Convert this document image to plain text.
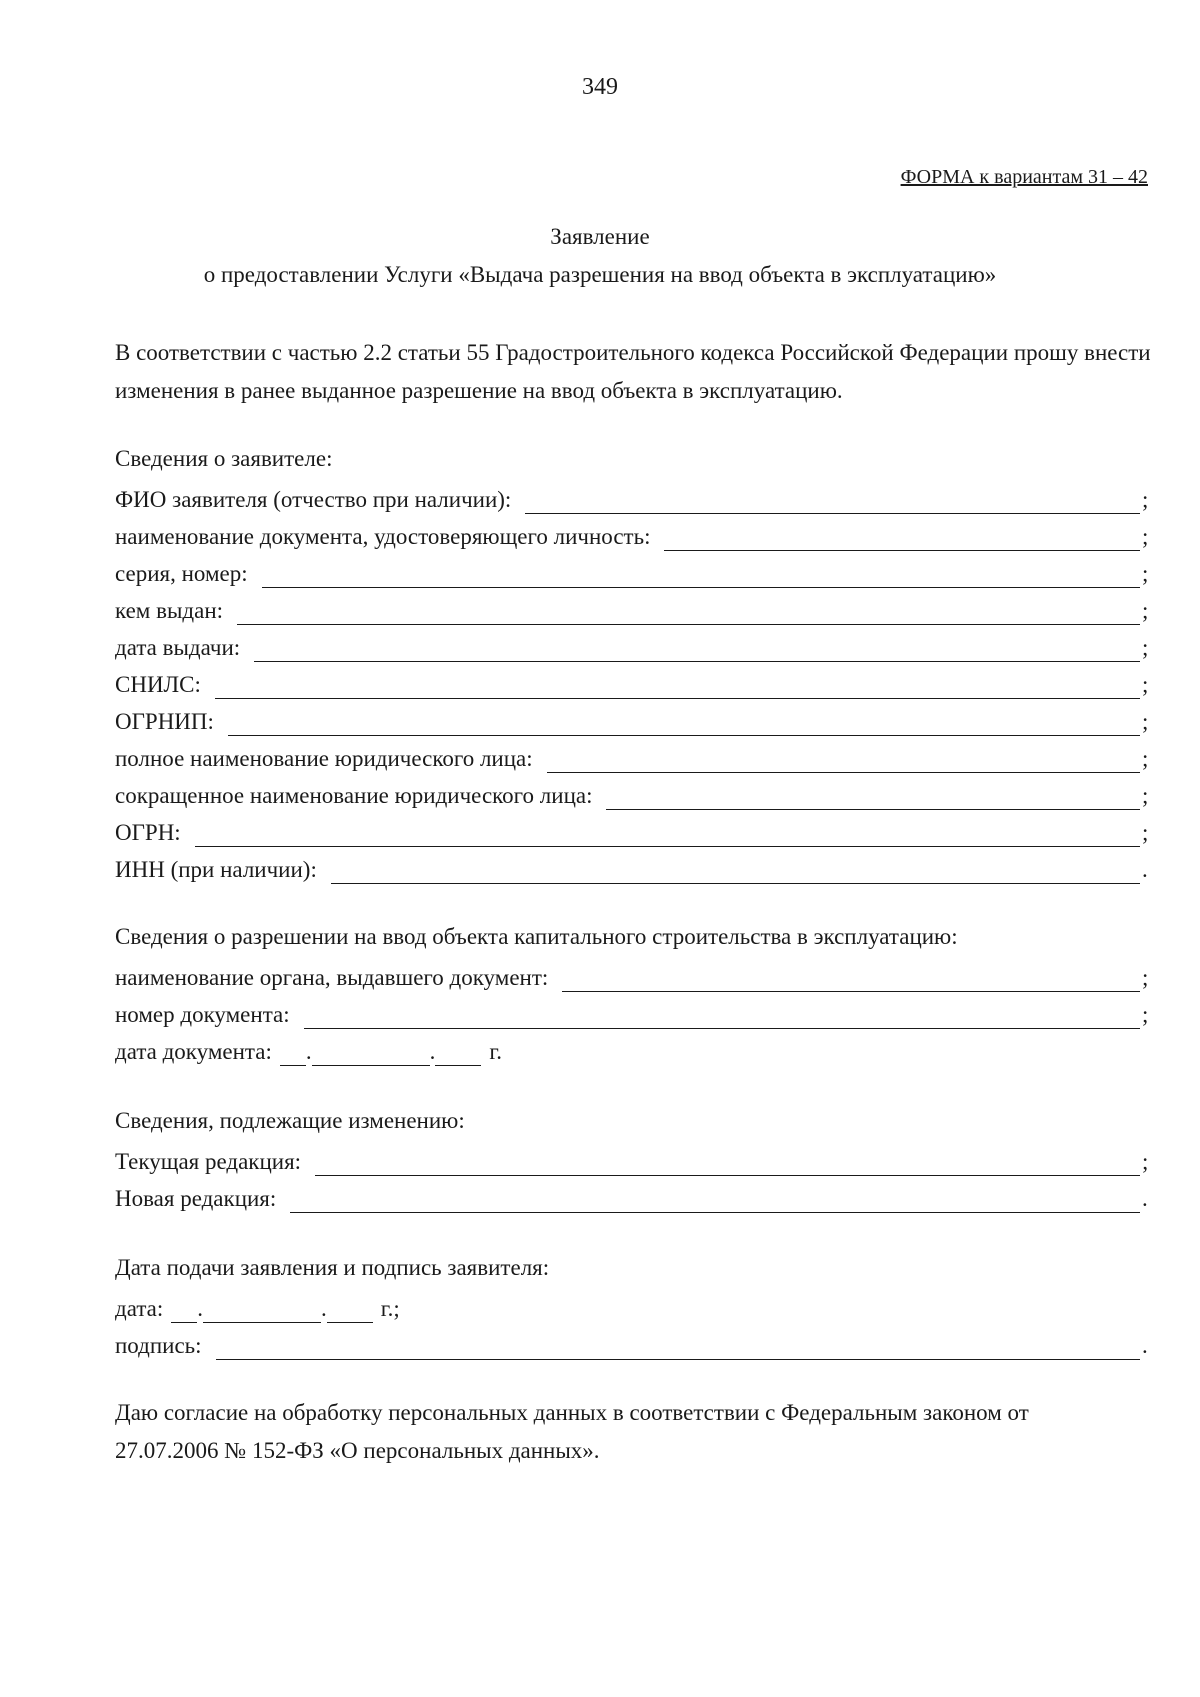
349
ФОРМА к вариантам 31 – 42
Заявление
о предоставлении Услуги «Выдача разрешения на ввод объекта в эксплуатацию»
В соответствии с частью 2.2 статьи 55 Градостроительного кодекса Российской Федерации прошу внести изменения в ранее выданное разрешение на ввод объекта в эксплуатацию.
Сведения о заявителе:
ФИО заявителя (отчество при наличии):	;
наименование документа, удостоверяющего личность:	;
серия, номер:	;
кем выдан:	;
дата выдачи:	;
СНИЛС:	;
ОГРНИП:	;
полное наименование юридического лица:	;
сокращенное наименование юридического лица:	;
ОГРН:	;
ИНН (при наличии):	.
Сведения о разрешении на ввод объекта капитального строительства в эксплуатацию:
наименование органа, выдавшего документ:	;
номер документа:	;
дата документа: .	. г.
Сведения, подлежащие изменению:
Текущая редакция:	;
Новая редакция:	.
Дата подачи заявления и подпись заявителя:
дата: .	. г.;
подпись:	.
Даю согласие на обработку персональных данных в соответствии с Федеральным законом от 27.07.2006 № 152-ФЗ «О персональных данных».
